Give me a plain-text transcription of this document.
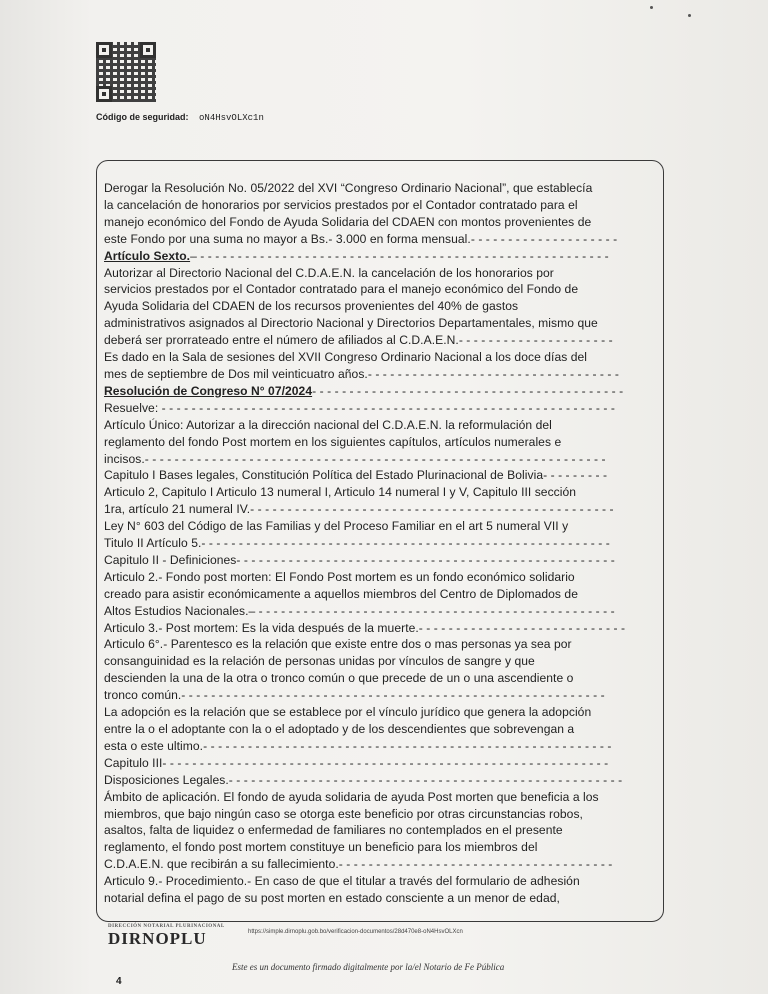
Código de seguridad: oN4HsvOLXc1n
Derogar la Resolución No. 05/2022 del XVI “Congreso Ordinario Nacional”, que establecía
la cancelación de honorarios por servicios prestados por el Contador contratado para el
manejo económico del Fondo de Ayuda Solidaria del CDAEN con montos provenientes de
este Fondo por una suma no mayor a Bs.- 3.000 en forma mensual.- - - - - - - - - - - - - - - - - - - -
Artículo Sexto.– - - - - - - - - - - - - - - - - - - - - - - - - - - - - - - - - - - - - - - - - - - - - - - - - - - - - - - -
Autorizar al Directorio Nacional del C.D.A.E.N. la cancelación de los honorarios por
servicios prestados por el Contador contratado para el manejo económico del Fondo de
Ayuda Solidaria del CDAEN de los recursos provenientes del 40% de gastos
administrativos asignados al Directorio Nacional y Directorios Departamentales, mismo que
deberá ser prorrateado entre el número de afiliados al C.D.A.E.N.- - - - - - - - - - - - - - - - - - - - -
Es dado en la Sala de sesiones del XVII Congreso Ordinario Nacional a los doce días del
mes de septiembre de Dos mil veinticuatro años.- - - - - - - - - - - - - - - - - - - - - - - - - - - - - - - - - -
Resolución de Congreso N° 07/2024- - - - - - - - - - - - - - - - - - - - - - - - - - - - - - - - - - - - - - - - - -
Resuelve: - - - - - - - - - - - - - - - - - - - - - - - - - - - - - - - - - - - - - - - - - - - - - - - - - - - - - - - - - - - - -
Artículo Único: Autorizar a la dirección nacional del C.D.A.E.N. la reformulación del
reglamento del fondo Post mortem en los siguientes capítulos, artículos numerales e
incisos.- - - - - - - - - - - - - - - - - - - - - - - - - - - - - - - - - - - - - - - - - - - - - - - - - - - - - - - - - - - - - -
Capitulo I Bases legales, Constitución Política del Estado Plurinacional de Bolivia- - - - - - - - -
Articulo 2, Capitulo I Articulo 13 numeral I, Articulo 14 numeral I y V, Capitulo III sección
1ra, artículo 21 numeral IV.- - - - - - - - - - - - - - - - - - - - - - - - - - - - - - - - - - - - - - - - - - - - - - - - -
Ley N° 603 del Código de las Familias y del Proceso Familiar en el art 5 numeral VII y
Titulo II Artículo 5.- - - - - - - - - - - - - - - - - - - - - - - - - - - - - - - - - - - - - - - - - - - - - - - - - - - - - - -
Capitulo II - Definiciones- - - - - - - - - - - - - - - - - - - - - - - - - - - - - - - - - - - - - - - - - - - - - - - - - - -
Articulo 2.- Fondo post morten: El Fondo Post mortem es un fondo económico solidario
creado para asistir económicamente a aquellos miembros del Centro de Diplomados de
Altos Estudios Nacionales.– - - - - - - - - - - - - - - - - - - - - - - - - - - - - - - - - - - - - - - - - - - - - - - - -
Articulo 3.- Post mortem: Es la vida después de la muerte.- - - - - - - - - - - - - - - - - - - - - - - - - - - -
Articulo 6°.- Parentesco es la relación que existe entre dos o mas personas ya sea por
consanguinidad es la relación de personas unidas por vínculos de sangre y que
descienden la una de la otra o tronco común o que precede de un o una ascendiente o
tronco común.- - - - - - - - - - - - - - - - - - - - - - - - - - - - - - - - - - - - - - - - - - - - - - - - - - - - - - - - -
La adopción es la relación que se establece por el vínculo jurídico que genera la adopción
entre la o el adoptante con la o el adoptado y de los descendientes que sobrevengan a
esta o este ultimo.- - - - - - - - - - - - - - - - - - - - - - - - - - - - - - - - - - - - - - - - - - - - - - - - - - - - - - -
Capitulo III- - - - - - - - - - - - - - - - - - - - - - - - - - - - - - - - - - - - - - - - - - - - - - - - - - - - - - - - - - - -
Disposiciones Legales.- - - - - - - - - - - - - - - - - - - - - - - - - - - - - - - - - - - - - - - - - - - - - - - - - - - - -
Ámbito de aplicación. El fondo de ayuda solidaria de ayuda Post morten que beneficia a los
miembros, que bajo ningún caso se otorga este beneficio por otras circunstancias robos,
asaltos, falta de liquidez o enfermedad de familiares no contemplados en el presente
reglamento, el fondo post mortem constituye un beneficio para los miembros del
C.D.A.E.N. que recibirán a su fallecimiento.- - - - - - - - - - - - - - - - - - - - - - - - - - - - - - - - - - - - -
Articulo 9.- Procedimiento.- En caso de que el titular a través del formulario de adhesión
notarial defina el pago de su post morten en estado consciente a un menor de edad,
DIRECCIÓN NOTARIAL PLURINACIONAL
DIRNOPLU	https://simple.dirnoplu.gob.bo/verificacion-documentos/28d470e8-oN4HsvOLXcn
Este es un documento firmado digitalmente por la/el Notario de Fe Pública
4
